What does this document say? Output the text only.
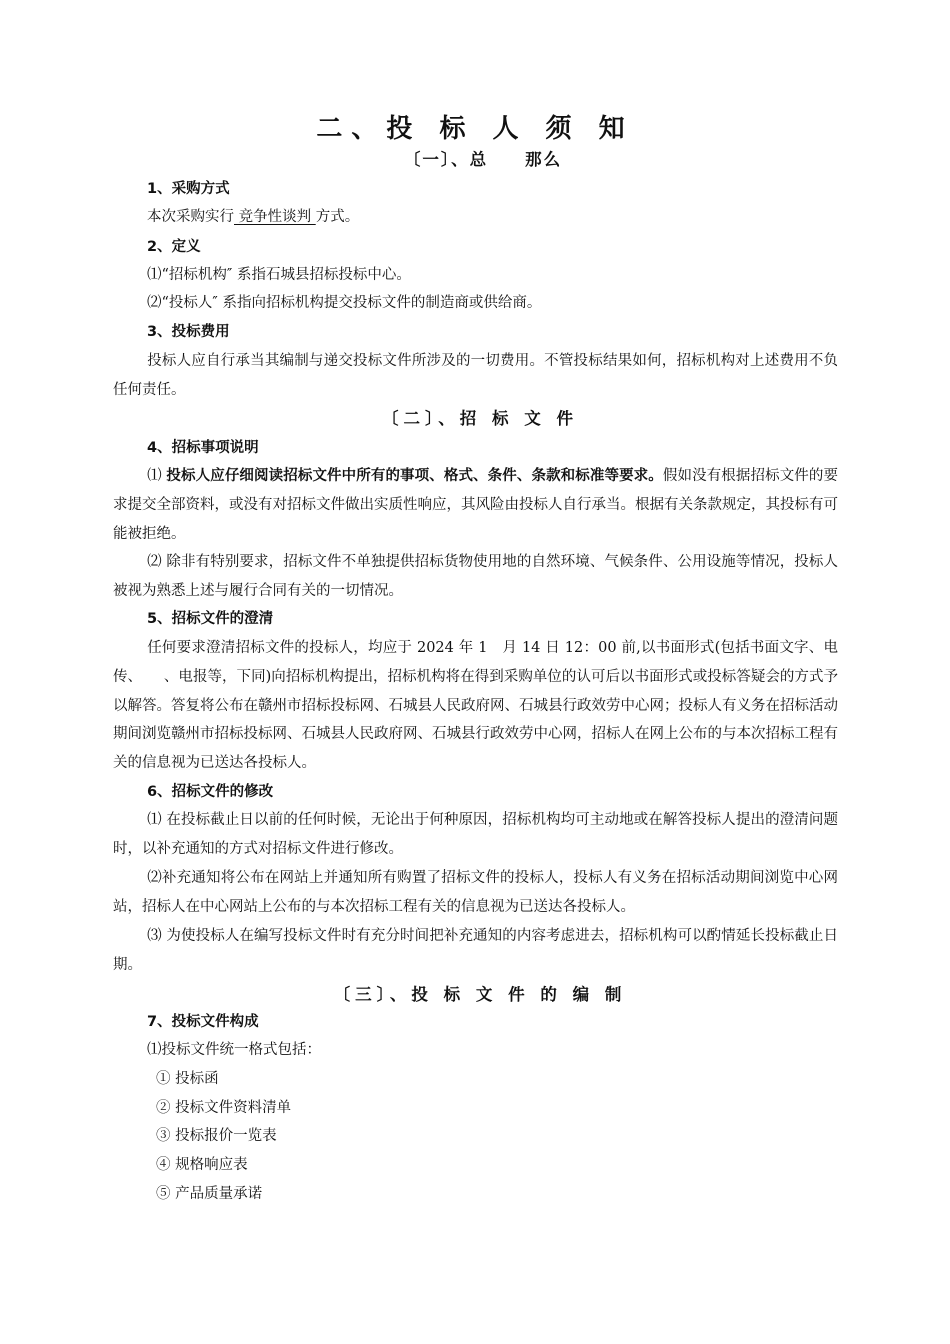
二、投 标 人 须 知
〔一〕、总　　那么
1、采购方式
本次采购实行 竞争性谈判 方式。
2、定义
⑴“招标机构″ 系指石城县招标投标中心。
⑵“投标人″ 系指向招标机构提交投标文件的制造商或供给商。
3、投标费用
投标人应自行承当其编制与递交投标文件所涉及的一切费用。不管投标结果如何，招标机构对上述费用不负任何责任。
〔二〕、招 标 文 件
4、招标事项说明
⑴ 投标人应仔细阅读招标文件中所有的事项、格式、条件、条款和标准等要求。假如没有根据招标文件的要求提交全部资料，或没有对招标文件做出实质性响应，其风险由投标人自行承当。根据有关条款规定，其投标有可能被拒绝。
⑵ 除非有特别要求，招标文件不单独提供招标货物使用地的自然环境、气候条件、公用设施等情况，投标人被视为熟悉上述与履行合同有关的一切情况。
5、招标文件的澄清
任何要求澄清招标文件的投标人，均应于 2024 年 1　月 14 日 12：00 前,以书面形式(包括书面文字、电传、　　、电报等，下同)向招标机构提出，招标机构将在得到采购单位的认可后以书面形式或投标答疑会的方式予以解答。答复将公布在赣州市招标投标网、石城县人民政府网、石城县行政效劳中心网；投标人有义务在招标活动期间浏览赣州市招标投标网、石城县人民政府网、石城县行政效劳中心网，招标人在网上公布的与本次招标工程有关的信息视为已送达各投标人。
6、招标文件的修改
⑴ 在投标截止日以前的任何时候，无论出于何种原因，招标机构均可主动地或在解答投标人提出的澄清问题时，以补充通知的方式对招标文件进行修改。
⑵补充通知将公布在网站上并通知所有购置了招标文件的投标人，投标人有义务在招标活动期间浏览中心网站，招标人在中心网站上公布的与本次招标工程有关的信息视为已送达各投标人。
⑶ 为使投标人在编写投标文件时有充分时间把补充通知的内容考虑进去，招标机构可以酌情延长投标截止日期。
〔三〕、投 标 文 件 的 编 制
7、投标文件构成
⑴投标文件统一格式包括：
① 投标函
② 投标文件资料清单
③ 投标报价一览表
④ 规格响应表
⑤ 产品质量承诺
